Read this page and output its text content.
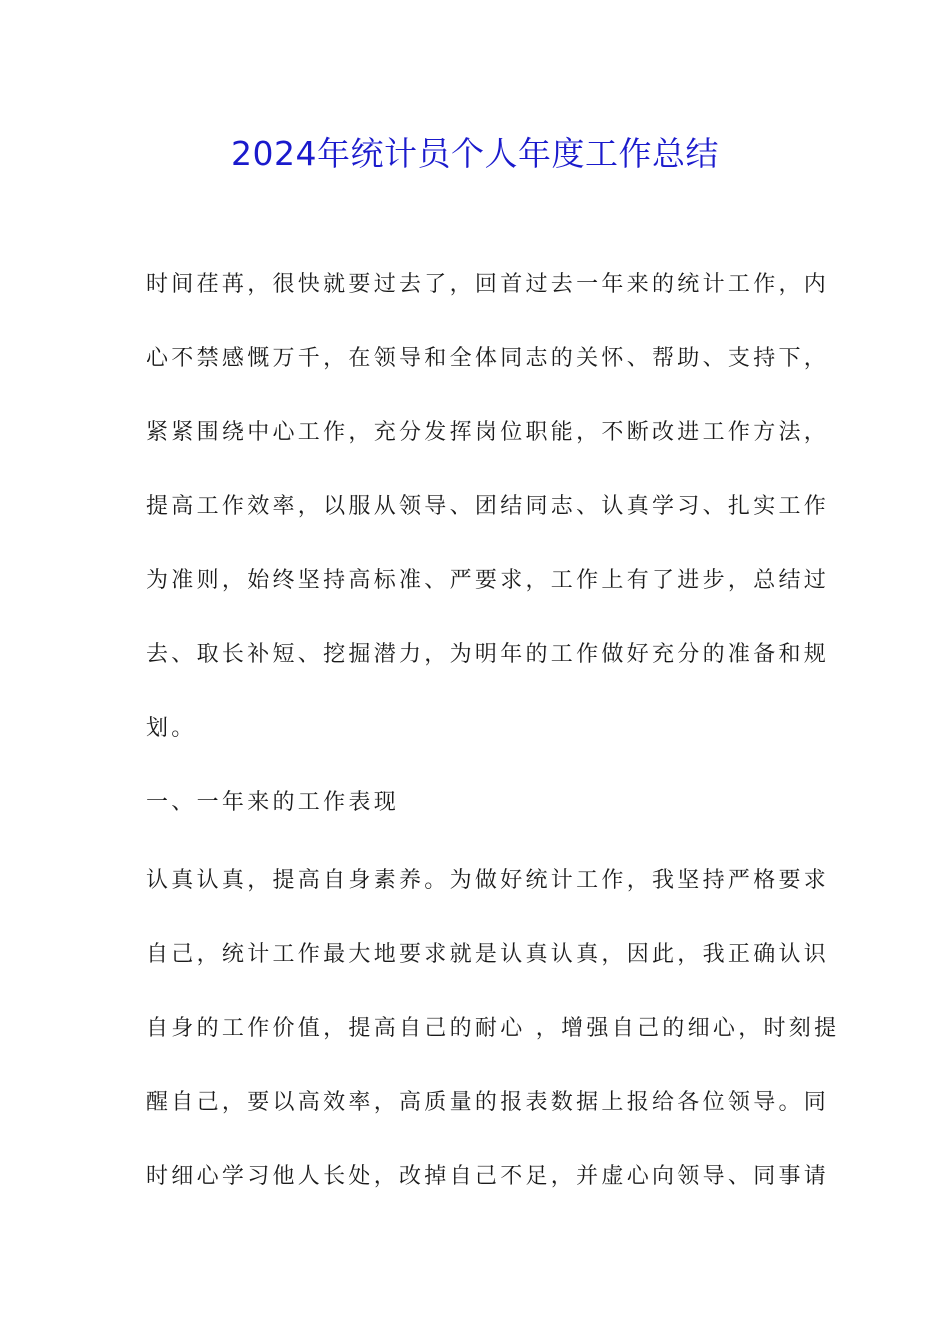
2024年统计员个人年度工作总结

时间荏苒，很快就要过去了，回首过去一年来的统计工作，内

心不禁感慨万千，在领导和全体同志的关怀、帮助、支持下，

紧紧围绕中心工作，充分发挥岗位职能，不断改进工作方法，

提高工作效率，以服从领导、团结同志、认真学习、扎实工作

为准则，始终坚持高标准、严要求，工作上有了进步，总结过

去、取长补短、挖掘潜力，为明年的工作做好充分的准备和规

划。

一、一年来的工作表现

认真认真，提高自身素养。为做好统计工作，我坚持严格要求

自己，统计工作最大地要求就是认真认真，因此，我正确认识

自身的工作价值，提高自己的耐心 ，增强自己的细心，时刻提

醒自己，要以高效率，高质量的报表数据上报给各位领导。同

时细心学习他人长处，改掉自己不足，并虚心向领导、同事请
